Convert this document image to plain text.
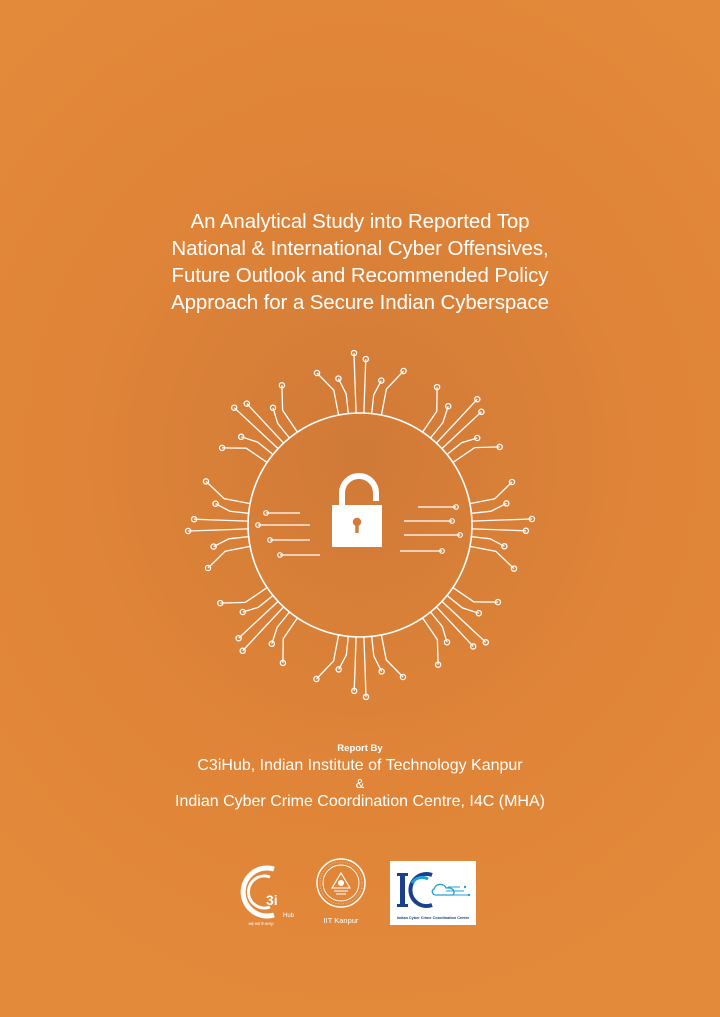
An Analytical Study into Reported Top
National & International Cyber Offensives,
Future Outlook and Recommended Policy
Approach for a Secure Indian Cyberspace
Report By
C3iHub, Indian Institute of Technology Kanpur
&
Indian Cyber Crime Coordination Centre, I4C (MHA)
3i
Hub
आई आई टी कानपुर	IIT Kanpur	Indian Cyber Crime Coordination Centre
